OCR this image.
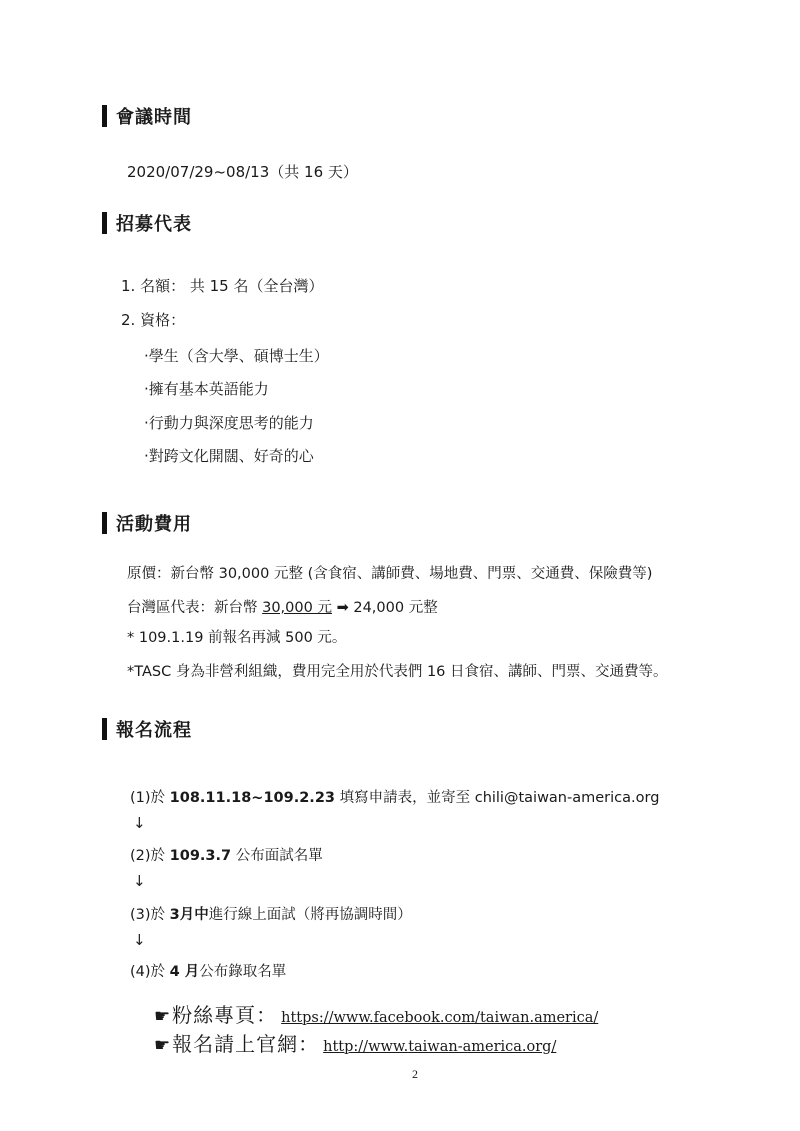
會議時間
2020/07/29~08/13（共 16 天）
招募代表
1. 名額： 共 15 名（全台灣）
2. 資格：
‧學生（含大學、碩博士生）
‧擁有基本英語能力
‧行動力與深度思考的能力
‧對跨文化開闊、好奇的心
活動費用
原價：新台幣 30,000 元整 (含食宿、講師費、場地費、門票、交通費、保險費等)
台灣區代表：新台幣 30,000 元 ➡ 24,000 元整
* 109.1.19 前報名再減 500 元。
*TASC 身為非營利組織，費用完全用於代表們 16 日食宿、講師、門票、交通費等。
報名流程
(1)於 108.11.18~109.2.23 填寫申請表，並寄至 chili@taiwan-america.org
↓
(2)於 109.3.7 公布面試名單
↓
(3)於 3月中進行線上面試（將再協調時間）
↓
(4)於 4 月公布錄取名單
☛ 粉絲專頁： https://www.facebook.com/taiwan.america/
☛ 報名請上官網： http://www.taiwan-america.org/
2
